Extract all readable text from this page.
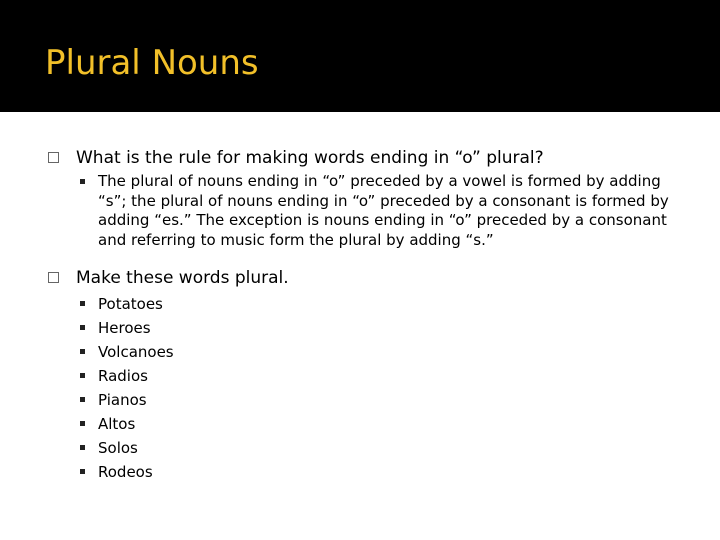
Plural Nouns
What is the rule for making words ending in “o” plural?
The plural of nouns ending in “o” preceded by a vowel is formed by adding “s”; the plural of nouns ending in “o” preceded by a consonant is formed by adding “es.” The exception is nouns ending in “o” preceded by a consonant and referring to music form the plural by adding “s.”
Make these words plural.
Potatoes
Heroes
Volcanoes
Radios
Pianos
Altos
Solos
Rodeos
